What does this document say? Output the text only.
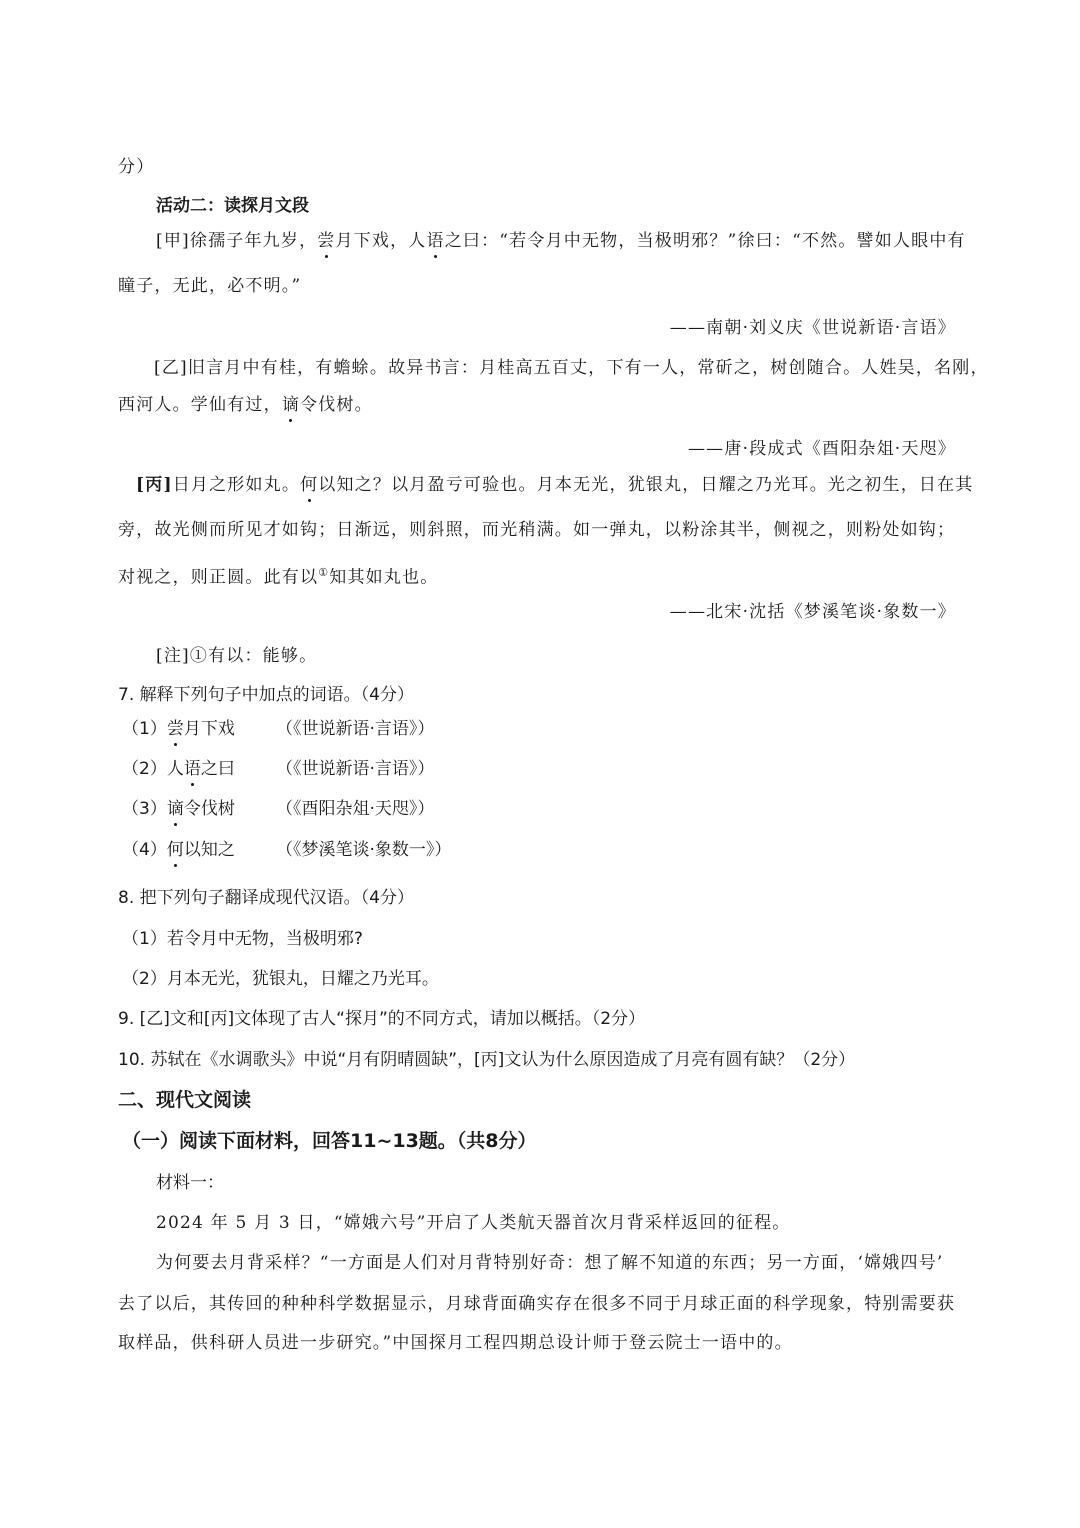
分）
活动二：读探月文段
[甲]徐孺子年九岁，尝月下戏，人语之曰：“若令月中无物，当极明邪？”徐曰：“不然。譬如人眼中有
瞳子，无此，必不明。”
——南朝·刘义庆《世说新语·言语》
[乙]旧言月中有桂，有蟾蜍。故异书言：月桂高五百丈，下有一人，常斫之，树创随合。人姓吴，名刚，
西河人。学仙有过，谪令伐树。
——唐·段成式《酉阳杂俎·天咫》
[丙]日月之形如丸。何以知之？以月盈亏可验也。月本无光，犹银丸，日耀之乃光耳。光之初生，日在其
旁，故光侧而所见才如钩；日渐远，则斜照，而光稍满。如一弹丸，以粉涂其半，侧视之，则粉处如钩；
对视之，则正圆。此有以①知其如丸也。
——北宋·沈括《梦溪笔谈·象数一》
[注]①有以：能够。
7. 解释下列句子中加点的词语。（4分）
（1）尝月下戏 （《世说新语·言语》）
（2）人语之曰 （《世说新语·言语》）
（3）谪令伐树 （《酉阳杂俎·天咫》）
（4）何以知之 （《梦溪笔谈·象数一》）
8. 把下列句子翻译成现代汉语。（4分）
（1）若令月中无物，当极明邪?
（2）月本无光，犹银丸，日耀之乃光耳。
9. [乙]文和[丙]文体现了古人“探月”的不同方式，请加以概括。（2分）
10. 苏轼在《水调歌头》中说“月有阴晴圆缺”，[丙]文认为什么原因造成了月亮有圆有缺？（2分）
二、现代文阅读
（一）阅读下面材料，回答11~13题。（共8分）
材料一：
2024 年 5 月 3 日，“嫦娥六号”开启了人类航天器首次月背采样返回的征程。
为何要去月背采样？“一方面是人们对月背特别好奇：想了解不知道的东西；另一方面，‘嫦娥四号’
去了以后，其传回的种种科学数据显示，月球背面确实存在很多不同于月球正面的科学现象，特别需要获
取样品，供科研人员进一步研究。”中国探月工程四期总设计师于登云院士一语中的。
